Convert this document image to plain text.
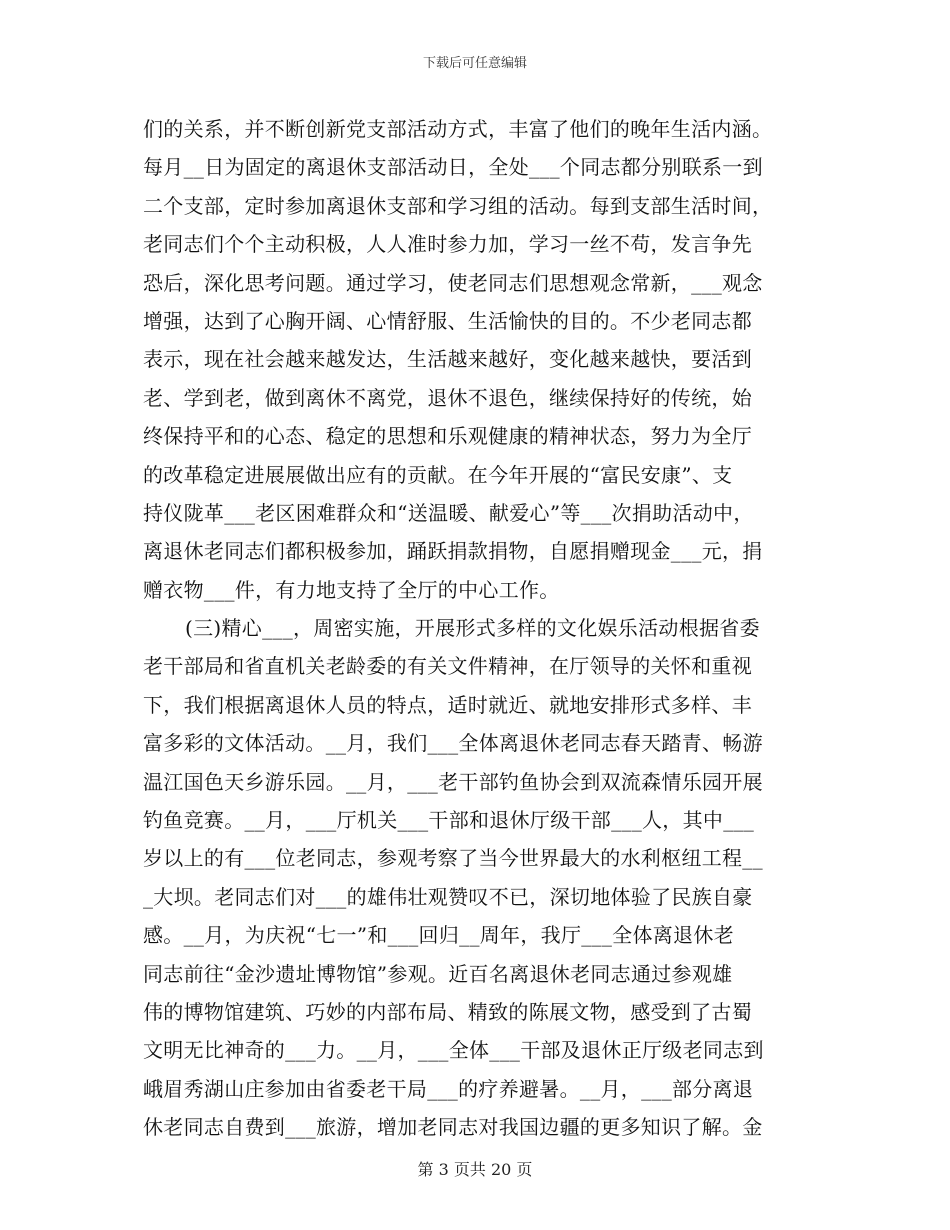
下载后可任意编辑
们的关系，并不断创新党支部活动方式，丰富了他们的晚年生活内涵。
每月__日为固定的离退休支部活动日，全处___个同志都分别联系一到
二个支部，定时参加离退休支部和学习组的活动。每到支部生活时间，
老同志们个个主动积极，人人准时参力加，学习一丝不苟，发言争先
恐后，深化思考问题。通过学习，使老同志们思想观念常新，___观念
增强，达到了心胸开阔、心情舒服、生活愉快的目的。不少老同志都
表示，现在社会越来越发达，生活越来越好，变化越来越快，要活到
老、学到老，做到离休不离党，退休不退色，继续保持好的传统，始
终保持平和的心态、稳定的思想和乐观健康的精神状态，努力为全厅
的改革稳定进展展做出应有的贡献。在今年开展的“富民安康”、支
持仪陇革___老区困难群众和“送温暖、献爱心”等___次捐助活动中，
离退休老同志们都积极参加，踊跃捐款捐物，自愿捐赠现金___元，捐
赠衣物___件，有力地支持了全厅的中心工作。
(三)精心___，周密实施，开展形式多样的文化娱乐活动根据省委
老干部局和省直机关老龄委的有关文件精神，在厅领导的关怀和重视
下，我们根据离退休人员的特点，适时就近、就地安排形式多样、丰
富多彩的文体活动。__月，我们___全体离退休老同志春天踏青、畅游
温江国色天乡游乐园。__月，___老干部钓鱼协会到双流森情乐园开展
钓鱼竞赛。__月，___厅机关___干部和退休厅级干部___人，其中___
岁以上的有___位老同志，参观考察了当今世界最大的水利枢纽工程__
_大坝。老同志们对___的雄伟壮观赞叹不已，深切地体验了民族自豪
感。__月，为庆祝“七一”和___回归__周年，我厅___全体离退休老
同志前往“金沙遗址博物馆”参观。近百名离退休老同志通过参观雄
伟的博物馆建筑、巧妙的内部布局、精致的陈展文物，感受到了古蜀
文明无比神奇的___力。__月，___全体___干部及退休正厅级老同志到
峨眉秀湖山庄参加由省委老干局___的疗养避暑。__月，___部分离退
休老同志自费到___旅游，增加老同志对我国边疆的更多知识了解。金
第 3 页共 20 页
